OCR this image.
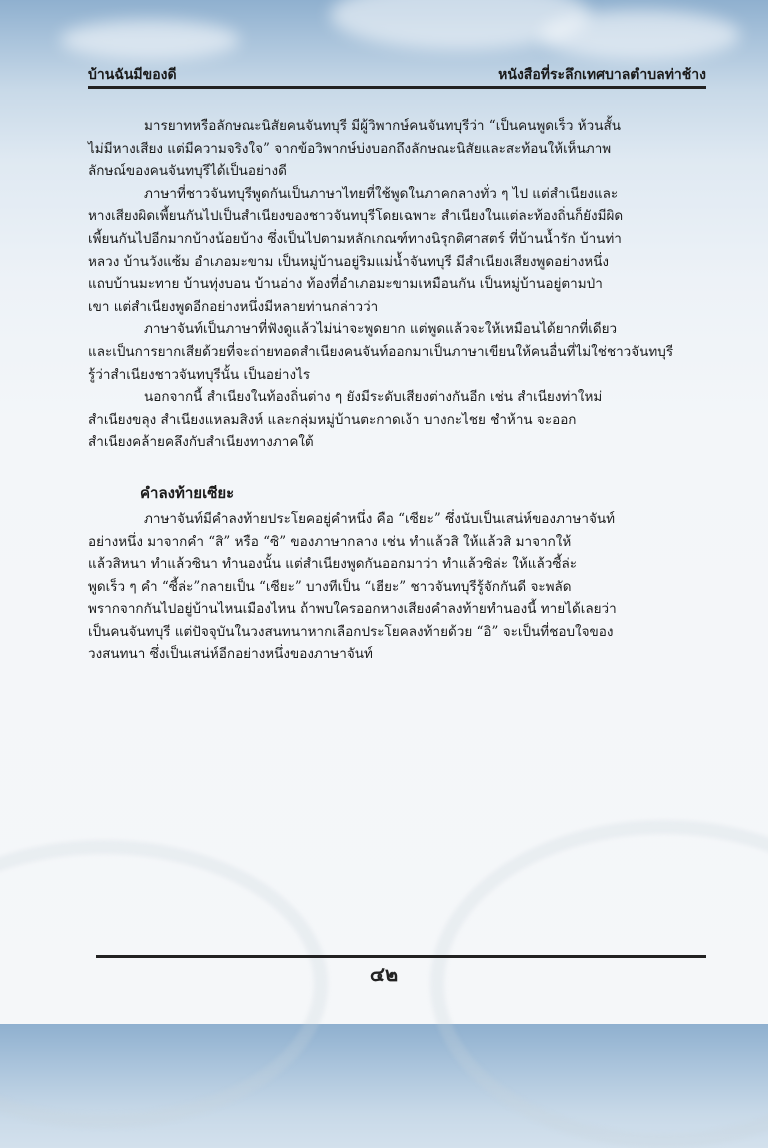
บ้านฉันมีของดี	หนังสือที่ระลึกเทศบาลตำบลท่าช้าง

มารยาทหรือลักษณะนิสัยคนจันทบุรี มีผู้วิพากษ์คนจันทบุรีว่า “เป็นคนพูดเร็ว ห้วนสั้น
ไม่มีหางเสียง แต่มีความจริงใจ” จากข้อวิพากษ์บ่งบอกถึงลักษณะนิสัยและสะท้อนให้เห็นภาพ
ลักษณ์ของคนจันทบุรีได้เป็นอย่างดี

ภาษาที่ชาวจันทบุรีพูดกันเป็นภาษาไทยที่ใช้พูดในภาคกลางทั่ว ๆ ไป แต่สำเนียงและ
หางเสียงผิดเพี้ยนกันไปเป็นสำเนียงของชาวจันทบุรีโดยเฉพาะ สำเนียงในแต่ละท้องถิ่นก็ยังมีผิด
เพี้ยนกันไปอีกมากบ้างน้อยบ้าง ซึ่งเป็นไปตามหลักเกณฑ์ทางนิรุกติศาสตร์ ที่บ้านน้ำรัก บ้านท่า
หลวง บ้านวังแซ้ม อำเภอมะขาม เป็นหมู่บ้านอยู่ริมแม่น้ำจันทบุรี มีสำเนียงเสียงพูดอย่างหนึ่ง
แถบบ้านมะทาย บ้านทุ่งบอน บ้านอ่าง ท้องที่อำเภอมะขามเหมือนกัน เป็นหมู่บ้านอยู่ตามป่า
เขา แต่สำเนียงพูดอีกอย่างหนึ่งมีหลายท่านกล่าวว่า

ภาษาจันท์เป็นภาษาที่ฟังดูแล้วไม่น่าจะพูดยาก แต่พูดแล้วจะให้เหมือนได้ยากที่เดียว
และเป็นการยากเสียด้วยที่จะถ่ายทอดสำเนียงคนจันท์ออกมาเป็นภาษาเขียนให้คนอื่นที่ไม่ใช่ชาวจันทบุรี
รู้ว่าสำเนียงชาวจันทบุรีนั้น เป็นอย่างไร

นอกจากนี้ สำเนียงในท้องถิ่นต่าง ๆ ยังมีระดับเสียงต่างกันอีก เช่น สำเนียงท่าใหม่
สำเนียงขลุง สำเนียงแหลมสิงห์ และกลุ่มหมู่บ้านตะกาดเง้า บางกะไชย ชำห้าน จะออก
สำเนียงคล้ายคลึงกับสำเนียงทางภาคใต้

คำลงท้ายเซียะ

ภาษาจันท์มีคำลงท้ายประโยคอยู่คำหนึ่ง คือ “เซียะ” ซึ่งนับเป็นเสน่ห์ของภาษาจันท์
อย่างหนึ่ง มาจากคำ “สิ” หรือ “ซิ” ของภาษากลาง เช่น ทำแล้วสิ ให้แล้วสิ มาจากให้
แล้วสิหนา ทำแล้วซินา ทำนองนั้น แต่สำเนียงพูดกันออกมาว่า ทำแล้วซิล่ะ ให้แล้วซี้ล่ะ
พูดเร็ว ๆ คำ “ซี้ล่ะ”กลายเป็น “เซียะ” บางทีเป็น “เฮียะ” ชาวจันทบุรีรู้จักกันดี จะพลัด
พรากจากกันไปอยู่บ้านไหนเมืองไหน ถ้าพบใครออกหางเสียงคำลงท้ายทำนองนี้ ทายได้เลยว่า
เป็นคนจันทบุรี แต่ปัจจุบันในวงสนทนาหากเลือกประโยคลงท้ายด้วย “อิ” จะเป็นที่ชอบใจของ
วงสนทนา ซึ่งเป็นเสน่ห์อีกอย่างหนึ่งของภาษาจันท์

๔๒
